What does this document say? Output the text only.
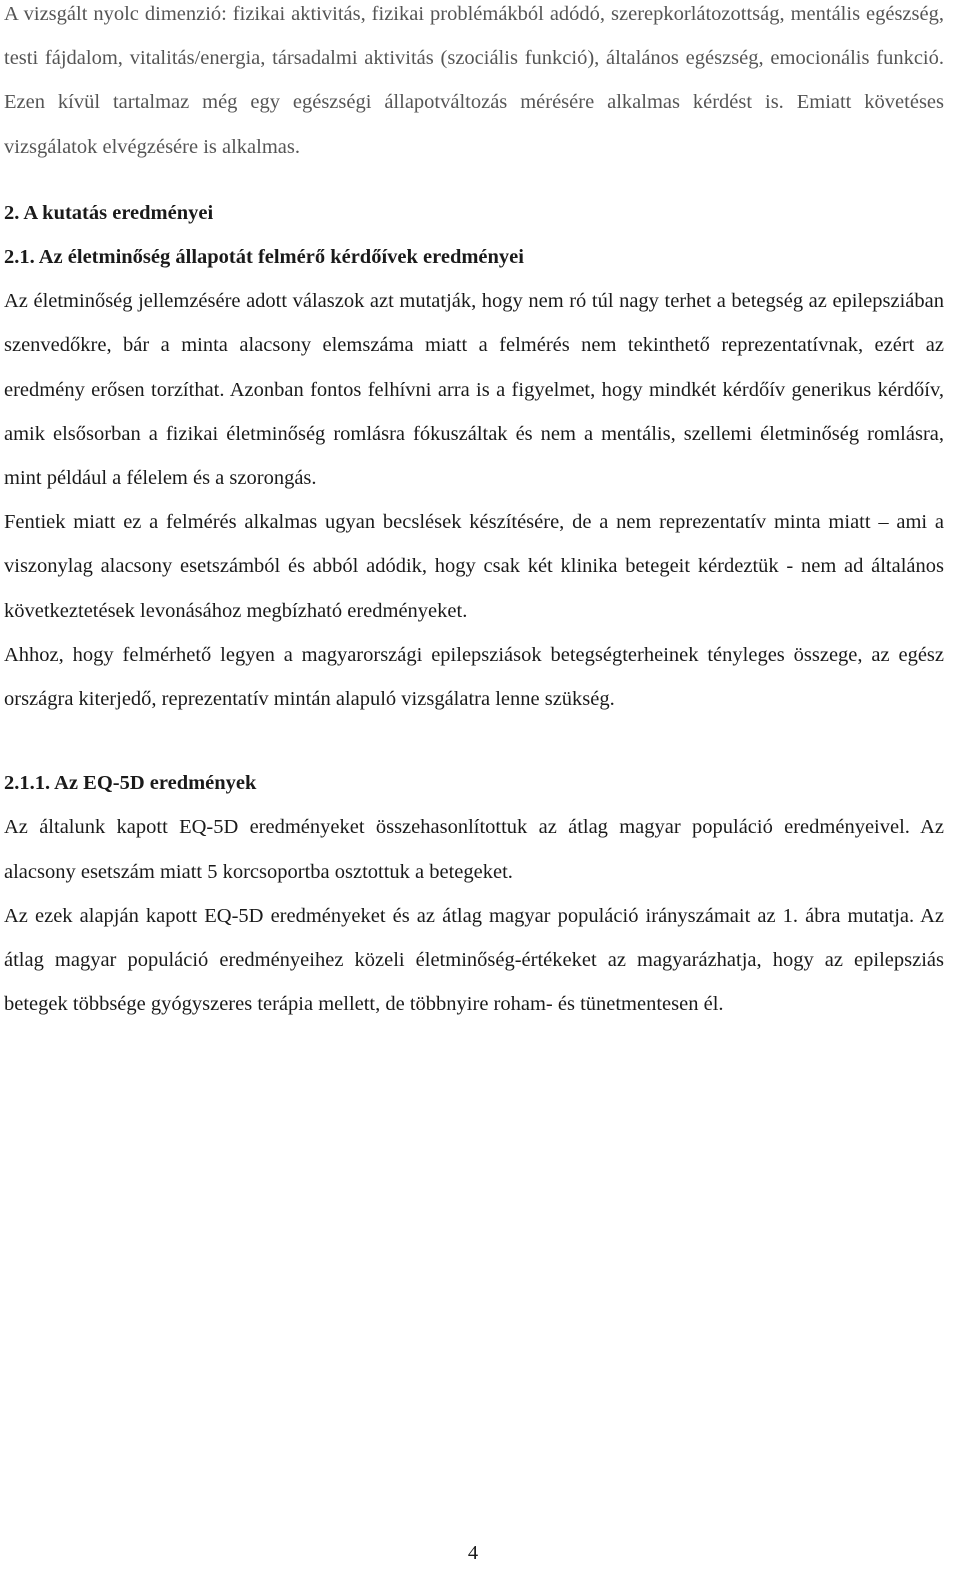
A vizsgált nyolc dimenzió: fizikai aktivitás, fizikai problémákból adódó, szerepkorlátozottság, mentális egészség, testi fájdalom, vitalitás/energia, társadalmi aktivitás (szociális funkció), általános egészség, emocionális funkció. Ezen kívül tartalmaz még egy egészségi állapotváltozás mérésére alkalmas kérdést is. Emiatt követéses vizsgálatok elvégzésére is alkalmas.

2. A kutatás eredményei

2.1. Az életminőség állapotát felmérő kérdőívek eredményei

Az életminőség jellemzésére adott válaszok azt mutatják, hogy nem ró túl nagy terhet a betegség az epilepsziában szenvedőkre, bár a minta alacsony elemszáma miatt a felmérés nem tekinthető reprezentatívnak, ezért az eredmény erősen torzíthat. Azonban fontos felhívni arra is a figyelmet, hogy mindkét kérdőív generikus kérdőív, amik elsősorban a fizikai életminőség romlásra fókuszáltak és nem a mentális, szellemi életminőség romlásra, mint például a félelem és a szorongás.

Fentiek miatt ez a felmérés alkalmas ugyan becslések készítésére, de a nem reprezentatív minta miatt – ami a viszonylag alacsony esetszámból és abból adódik, hogy csak két klinika betegeit kérdeztük - nem ad általános következtetések levonásához megbízható eredményeket.

Ahhoz, hogy felmérhető legyen a magyarországi epilepsziások betegségterheinek tényleges összege, az egész országra kiterjedő, reprezentatív mintán alapuló vizsgálatra lenne szükség.

2.1.1. Az EQ-5D eredmények

Az általunk kapott EQ-5D eredményeket összehasonlítottuk az átlag magyar populáció eredményeivel. Az alacsony esetszám miatt 5 korcsoportba osztottuk a betegeket.

Az ezek alapján kapott EQ-5D eredményeket és az átlag magyar populáció irányszámait az 1. ábra mutatja. Az átlag magyar populáció eredményeihez közeli életminőség-értékeket az magyarázhatja, hogy az epilepsziás betegek többsége gyógyszeres terápia mellett, de többnyire roham- és tünetmentesen él.

4
